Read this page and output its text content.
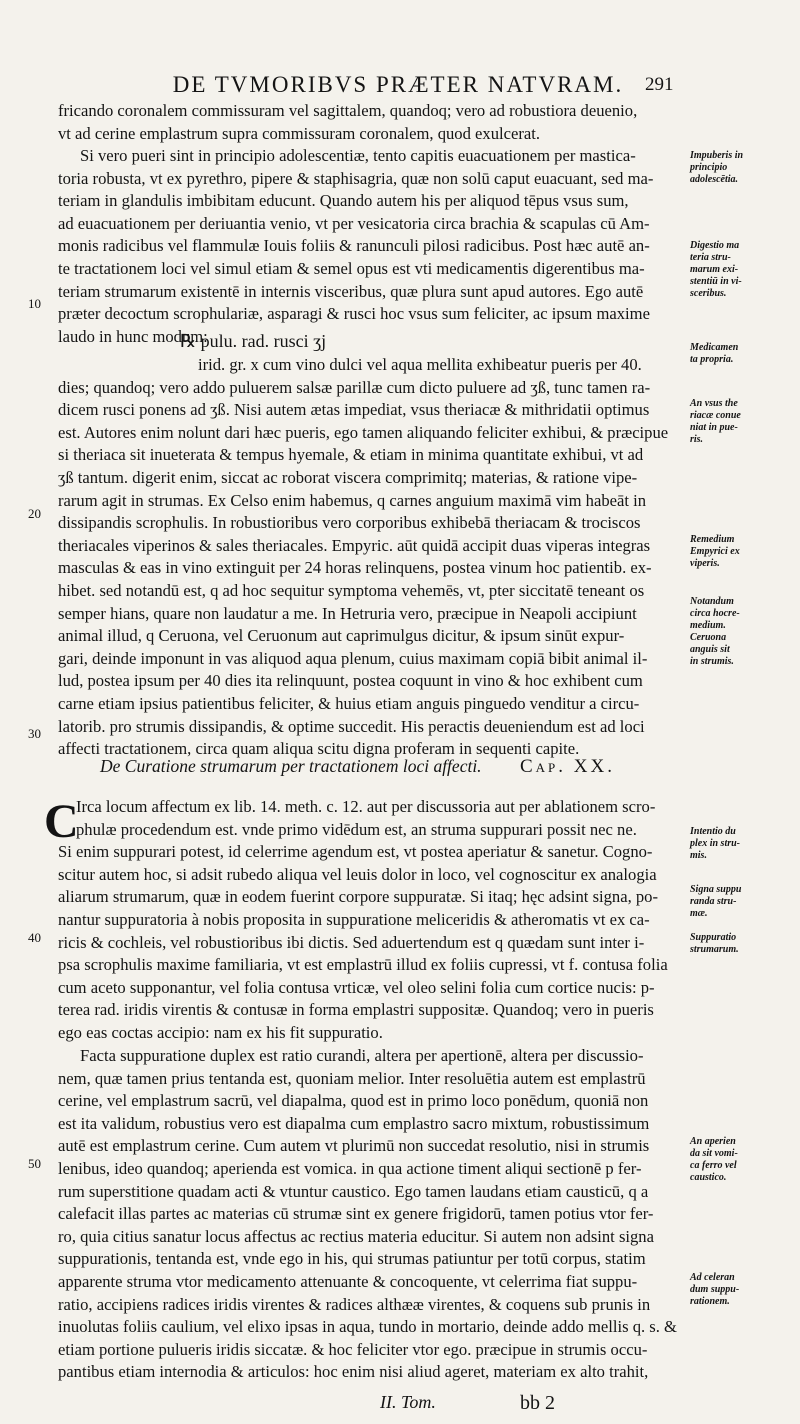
DE TVMORIBVS PRÆTER NATVRAM.	291
fricando coronalem commissuram vel sagittalem, quandoq; vero ad robustiora deuenio,
vt ad cerine emplastrum supra commissuram coronalem, quod exulcerat.
Si vero pueri sint in principio adolescentiæ, tento capitis euacuationem per mastica-
toria robusta, vt ex pyrethro, pipere & staphisagria, quæ non solū caput euacuant, sed ma-
teriam in glandulis imbibitam educunt. Quando autem his per aliquod tēpus vsus sum,
ad euacuationem per deriuantia venio, vt per vesicatoria circa brachia & scapulas cū Am-
monis radicibus vel flammulæ Iouis foliis & ranunculi pilosi radicibus. Post hæc autē an-
te tractationem loci vel simul etiam & semel opus est vti medicamentis digerentibus ma-
teriam strumarum existentē in internis visceribus, quæ plura sunt apud autores. Ego autē
præter decoctum scrophulariæ, asparagi & rusci hoc vsus sum feliciter, ac ipsum maxime
laudo in hunc modum:
℞ pulu. rad. rusci ʒj
irid. gr. x cum vino dulci vel aqua mellita exhibeatur pueris per 40.
dies; quandoq; vero addo puluerem salsæ parillæ cum dicto puluere ad ʒß, tunc tamen ra-
dicem rusci ponens ad ʒß. Nisi autem ætas impediat, vsus theriacæ & mithridatii optimus
est. Autores enim nolunt dari hæc pueris, ego tamen aliquando feliciter exhibui, & præcipue
si theriaca sit inueterata & tempus hyemale, & etiam in minima quantitate exhibui, vt ad
ʒß tantum. digerit enim, siccat ac roborat viscera comprimitq; materias, & ratione vipe-
rarum agit in strumas. Ex Celso enim habemus, q carnes anguium maximā vim habeāt in
dissipandis scrophulis. In robustioribus vero corporibus exhibebā theriacam & trociscos
theriacales viperinos & sales theriacales. Empyric. aūt quidā accipit duas viperas integras
masculas & eas in vino extinguit per 24 horas relinquens, postea vinum hoc patientib. ex-
hibet. sed notandū est, q ad hoc sequitur symptoma vehemēs, vt, pter siccitatē teneant os
semper hians, quare non laudatur a me. In Hetruria vero, præcipue in Neapoli accipiunt
animal illud, q Ceruona, vel Ceruonum aut caprimulgus dicitur, & ipsum sinūt expur-
gari, deinde imponunt in vas aliquod aqua plenum, cuius maximam copiā bibit animal il-
lud, postea ipsum per 40 dies ita relinquunt, postea coquunt in vino & hoc exhibent cum
carne etiam ipsius patientibus feliciter, & huius etiam anguis pinguedo venditur a circu-
latorib. pro strumis dissipandis, & optime succedit. His peractis deueniendum est ad loci
affecti tractationem, circa quam aliqua scitu digna proferam in sequenti capite.
De Curatione strumarum per tractationem loci affecti.	Cap. XX.
C
Irca locum affectum ex lib. 14. meth. c. 12. aut per discussoria aut per ablationem scro-
phulæ procedendum est. vnde primo vidēdum est, an struma suppurari possit nec ne.
Si enim suppurari potest, id celerrime agendum est, vt postea aperiatur & sanetur. Cogno-
scitur autem hoc, si adsit rubedo aliqua vel leuis dolor in loco, vel cognoscitur ex analogia
aliarum strumarum, quæ in eodem fuerint corpore suppuratæ. Si itaq; hęc adsint signa, po-
nantur suppuratoria à nobis proposita in suppuratione meliceridis & atheromatis vt ex ca-
ricis & cochleis, vel robustioribus ibi dictis. Sed aduertendum est q quædam sunt inter i-
psa scrophulis maxime familiaria, vt est emplastrū illud ex foliis cupressi, vt f. contusa folia
cum aceto supponantur, vel folia contusa vrticæ, vel oleo selini folia cum cortice nucis: p-
terea rad. iridis virentis & contusæ in forma emplastri suppositæ. Quandoq; vero in pueris
ego eas coctas accipio: nam ex his fit suppuratio.
Facta suppuratione duplex est ratio curandi, altera per apertionē, altera per discussio-
nem, quæ tamen prius tentanda est, quoniam melior. Inter resoluētia autem est emplastrū
cerine, vel emplastrum sacrū, vel diapalma, quod est in primo loco ponēdum, quoniā non
est ita validum, robustius vero est diapalma cum emplastro sacro mixtum, robustissimum
autē est emplastrum cerine. Cum autem vt plurimū non succedat resolutio, nisi in strumis
lenibus, ideo quandoq; aperienda est vomica. in qua actione timent aliqui sectionē p fer-
rum superstitione quadam acti & vtuntur caustico. Ego tamen laudans etiam causticū, q a
calefacit illas partes ac materias cū strumæ sint ex genere frigidorū, tamen potius vtor fer-
ro, quia citius sanatur locus affectus ac rectius materia educitur. Si autem non adsint signa
suppurationis, tentanda est, vnde ego in his, qui strumas patiuntur per totū corpus, statim
apparente struma vtor medicamento attenuante & concoquente, vt celerrima fiat suppu-
ratio, accipiens radices iridis virentes & radices althææ virentes, & coquens sub prunis in
inuolutas foliis caulium, vel elixo ipsas in aqua, tundo in mortario, deinde addo mellis q. s. &
etiam portione pulueris iridis siccatæ. & hoc feliciter vtor ego. præcipue in strumis occu-
pantibus etiam internodia & articulos: hoc enim nisi aliud ageret, materiam ex alto trahit,
10
20
30
40
50
Impuberis in
principio
adolescētia.
Digestio ma
teria stru-
marum exi-
stentiū in vi-
sceribus.
Medicamen
ta propria.
An vsus the
riacæ conue
niat in pue-
ris.
Remedium
Empyrici ex
viperis.
Notandum
circa hocre-
medium.
Ceruona
anguis sit
in strumis.
Intentio du
plex in stru-
mis.
Signa suppu
randa stru-
mæ.
Suppuratio
strumarum.
An aperien
da sit vomi-
ca ferro vel
caustico.
Ad celeran
dum suppu-
rationem.
II. Tom.	bb 2
